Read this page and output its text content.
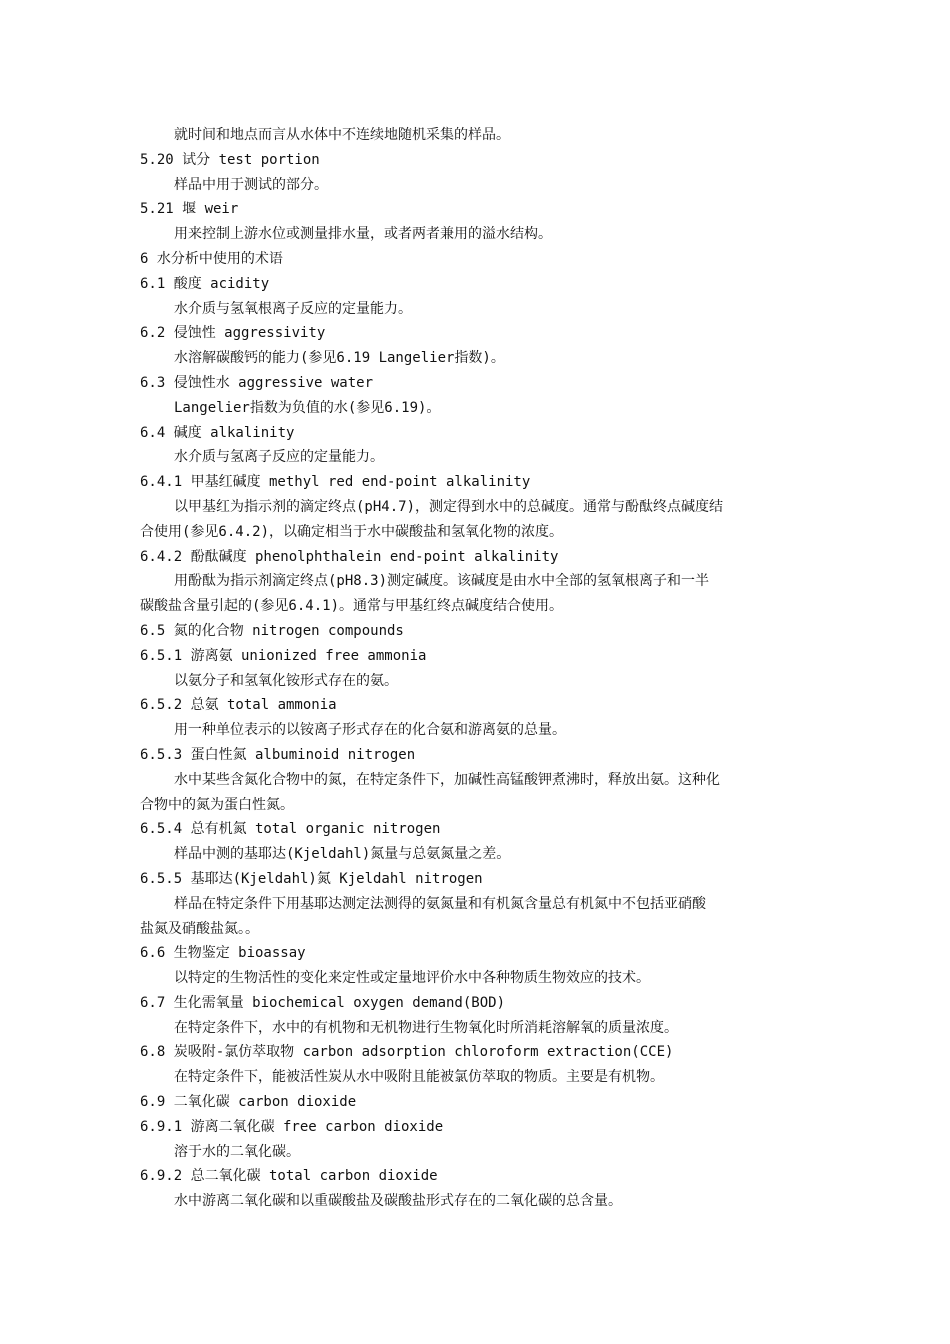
就时间和地点而言从水体中不连续地随机采集的样品。

5.20 试分 test portion

样品中用于测试的部分。

5.21 堰 weir

用来控制上游水位或测量排水量，或者两者兼用的溢水结构。

6 水分析中使用的术语

6.1 酸度 acidity

水介质与氢氧根离子反应的定量能力。

6.2 侵蚀性 aggressivity

水溶解碳酸钙的能力(参见6.19 Langelier指数)。

6.3 侵蚀性水 aggressive water

Langelier指数为负值的水(参见6.19)。

6.4 碱度 alkalinity

水介质与氢离子反应的定量能力。

6.4.1 甲基红碱度 methyl red end-point alkalinity

以甲基红为指示剂的滴定终点(pH4.7)，测定得到水中的总碱度。通常与酚酞终点碱度结

合使用(参见6.4.2)，以确定相当于水中碳酸盐和氢氧化物的浓度。

6.4.2 酚酞碱度 phenolphthalein end-point alkalinity

用酚酞为指示剂滴定终点(pH8.3)测定碱度。该碱度是由水中全部的氢氧根离子和一半

碳酸盐含量引起的(参见6.4.1)。通常与甲基红终点碱度结合使用。

6.5 氮的化合物 nitrogen compounds

6.5.1 游离氨 unionized free ammonia

以氨分子和氢氧化铵形式存在的氨。

6.5.2 总氨 total ammonia

用一种单位表示的以铵离子形式存在的化合氨和游离氨的总量。

6.5.3 蛋白性氮 albuminoid nitrogen

水中某些含氮化合物中的氮，在特定条件下，加碱性高锰酸钾煮沸时，释放出氨。这种化

合物中的氮为蛋白性氮。

6.5.4 总有机氮 total organic nitrogen

样品中测的基耶达(Kjeldahl)氮量与总氨氮量之差。

6.5.5 基耶达(Kjeldahl)氮 Kjeldahl nitrogen

样品在特定条件下用基耶达测定法测得的氨氮量和有机氮含量总有机氮中不包括亚硝酸

盐氮及硝酸盐氮。。

6.6 生物鉴定 bioassay

以特定的生物活性的变化来定性或定量地评价水中各种物质生物效应的技术。

6.7 生化需氧量 biochemical oxygen demand(BOD)

在特定条件下，水中的有机物和无机物进行生物氧化时所消耗溶解氧的质量浓度。

6.8 炭吸附-氯仿萃取物 carbon adsorption chloroform extraction(CCE)

在特定条件下，能被活性炭从水中吸附且能被氯仿萃取的物质。主要是有机物。

6.9 二氧化碳 carbon dioxide

6.9.1 游离二氧化碳 free carbon dioxide

溶于水的二氧化碳。

6.9.2 总二氧化碳 total carbon dioxide

水中游离二氧化碳和以重碳酸盐及碳酸盐形式存在的二氧化碳的总含量。
